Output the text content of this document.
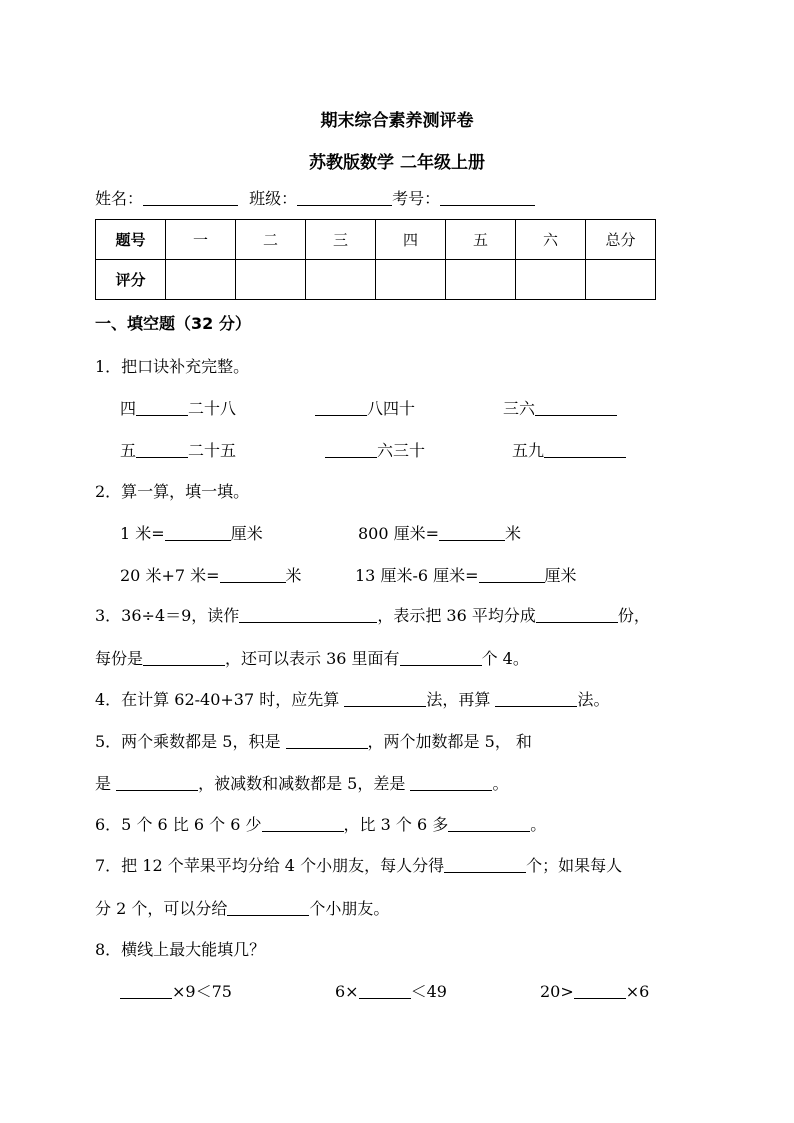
期末综合素养测评卷
苏教版数学 二年级上册
姓名：	班级：	考号：
题号	一	二	三	四	五	六	总分
评分							
一、填空题（32 分）
1．把口诀补充完整。
四	二十八	八四十	三六
五	二十五	六三十	五九
2．算一算，填一填。
1 米=	厘米	800 厘米=	米
20 米+7 米=	米	13 厘米-6 厘米=	厘米
3．36÷4＝9，读作	，表示把 36 平均分成	份，
每份是	，还可以表示 36 里面有	个 4。
4．在计算 62-40+37 时，应先算	法，再算	法。
5．两个乘数都是 5，积是	，两个加数都是 5， 和
是	，被减数和减数都是 5，差是	。
6．5 个 6 比 6 个 6 少	，比 3 个 6 多	。
7．把 12 个苹果平均分给 4 个小朋友，每人分得	个；如果每人
分 2 个，可以分给	个小朋友。
8．横线上最大能填几？
×9＜75	6×	＜49	20>	×6
